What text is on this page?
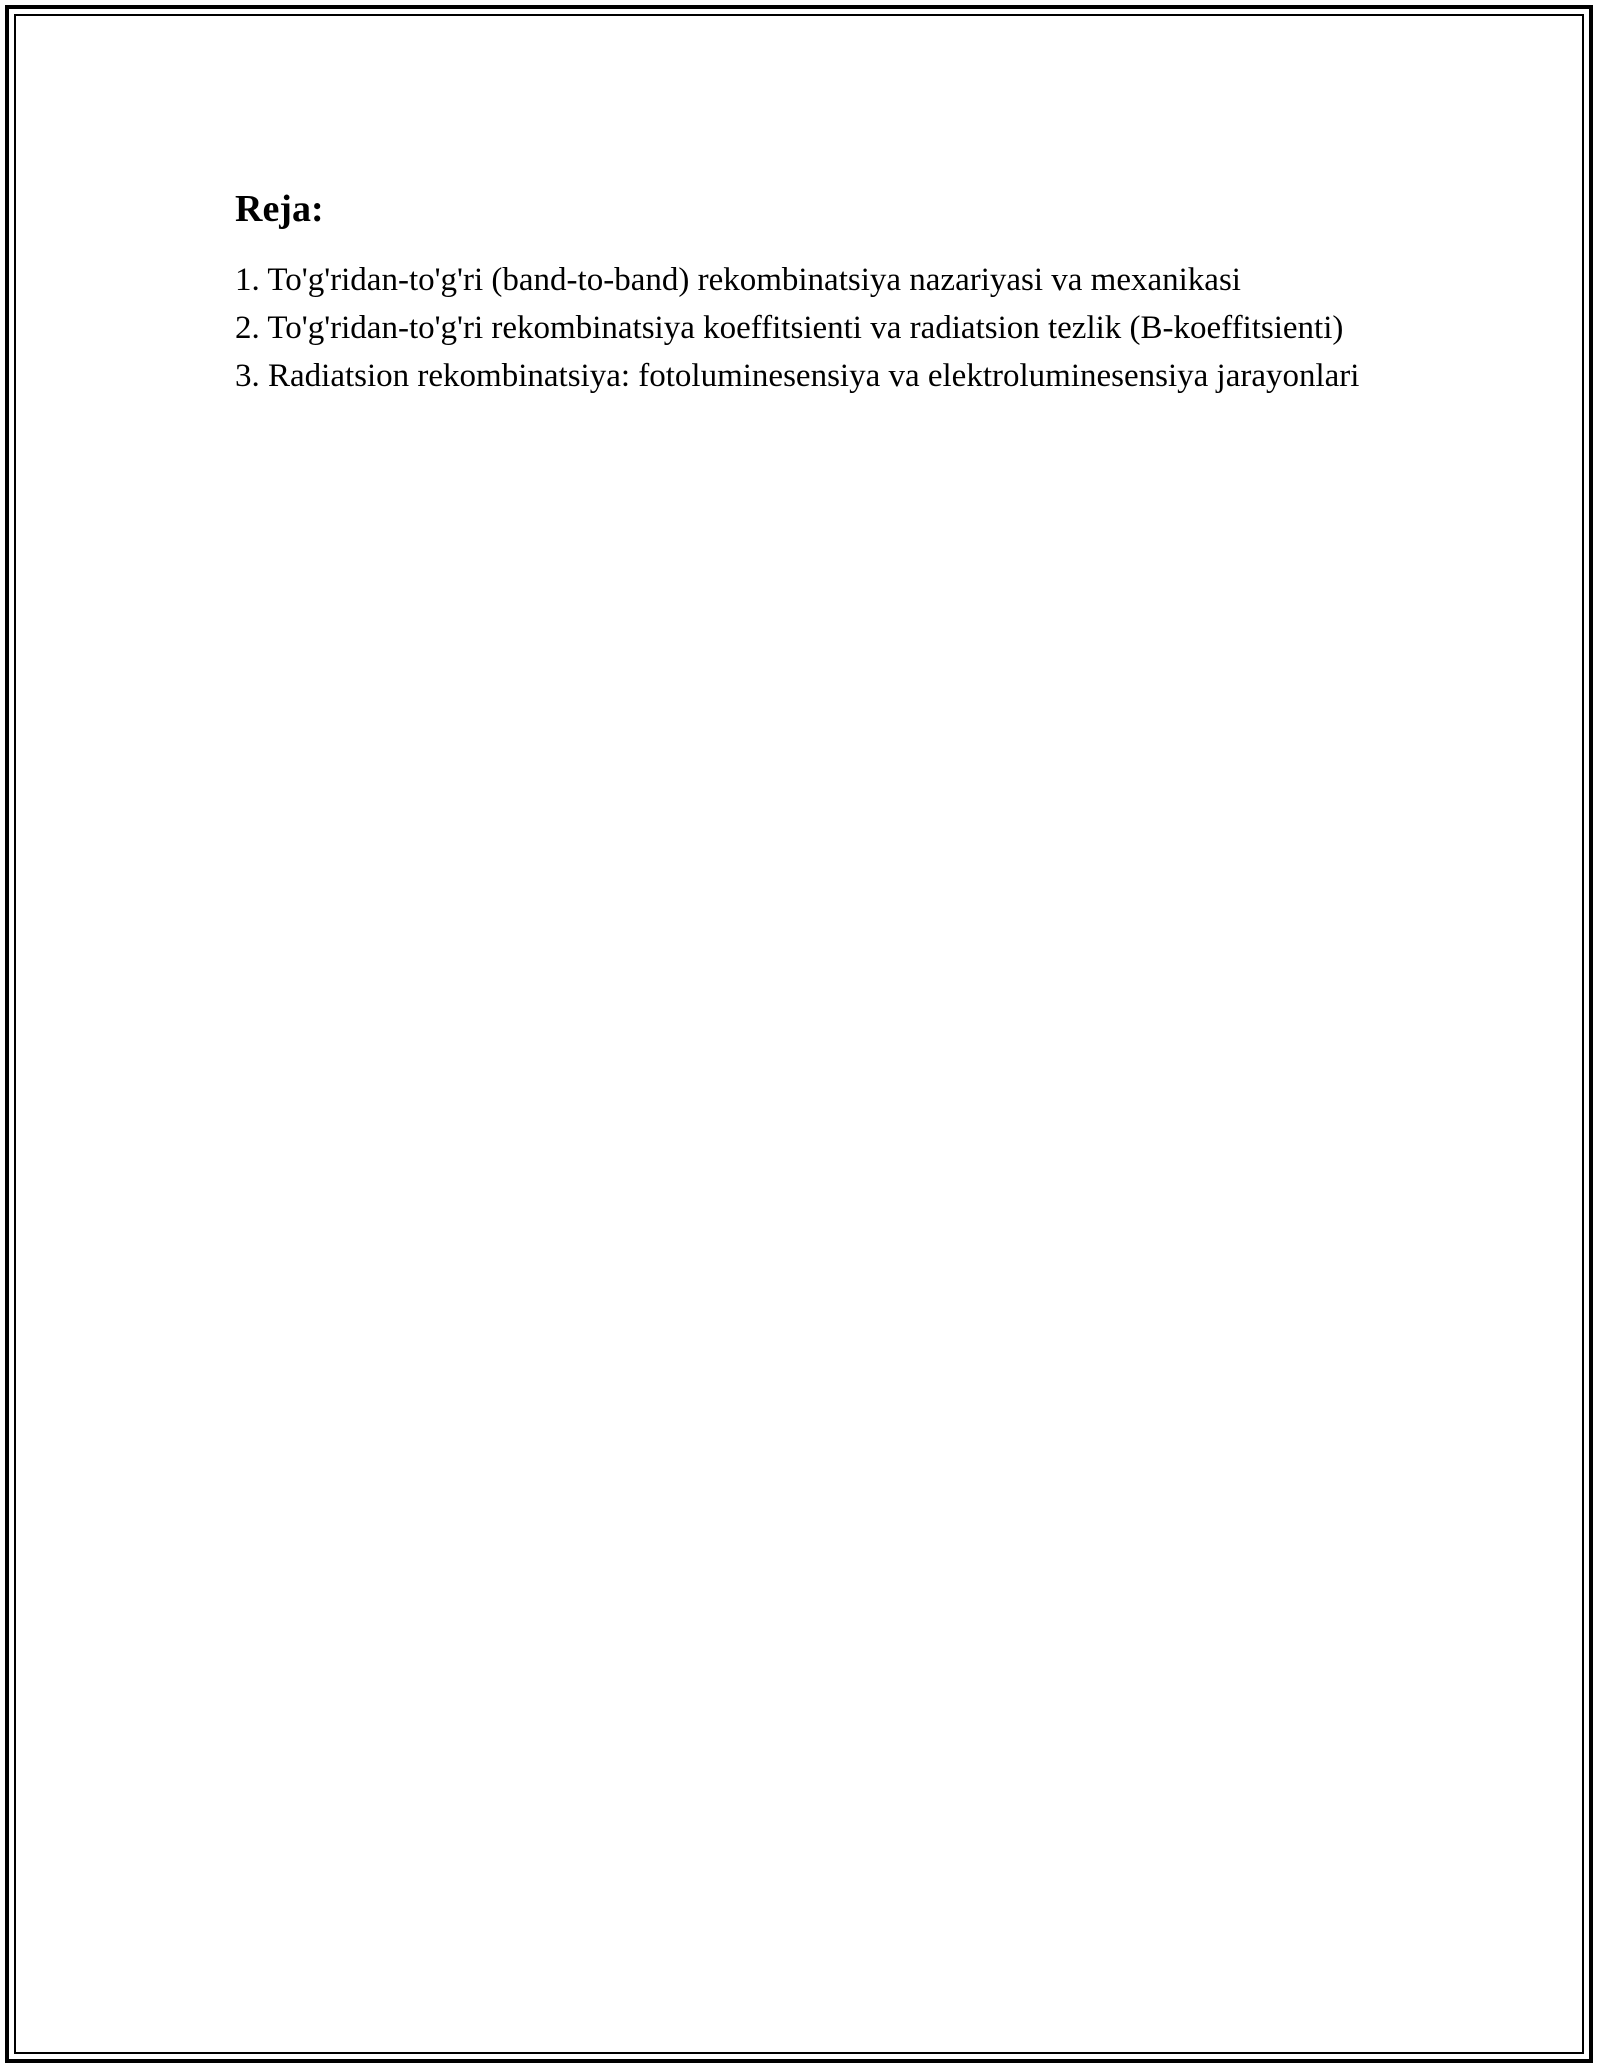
Reja:
1. To'g'ridan-to'g'ri (band-to-band) rekombinatsiya nazariyasi va mexanikasi
2. To'g'ridan-to'g'ri rekombinatsiya koeffitsienti va radiatsion tezlik (B-koeffitsienti)
3. Radiatsion rekombinatsiya: fotoluminesensiya va elektroluminesensiya jarayonlari
